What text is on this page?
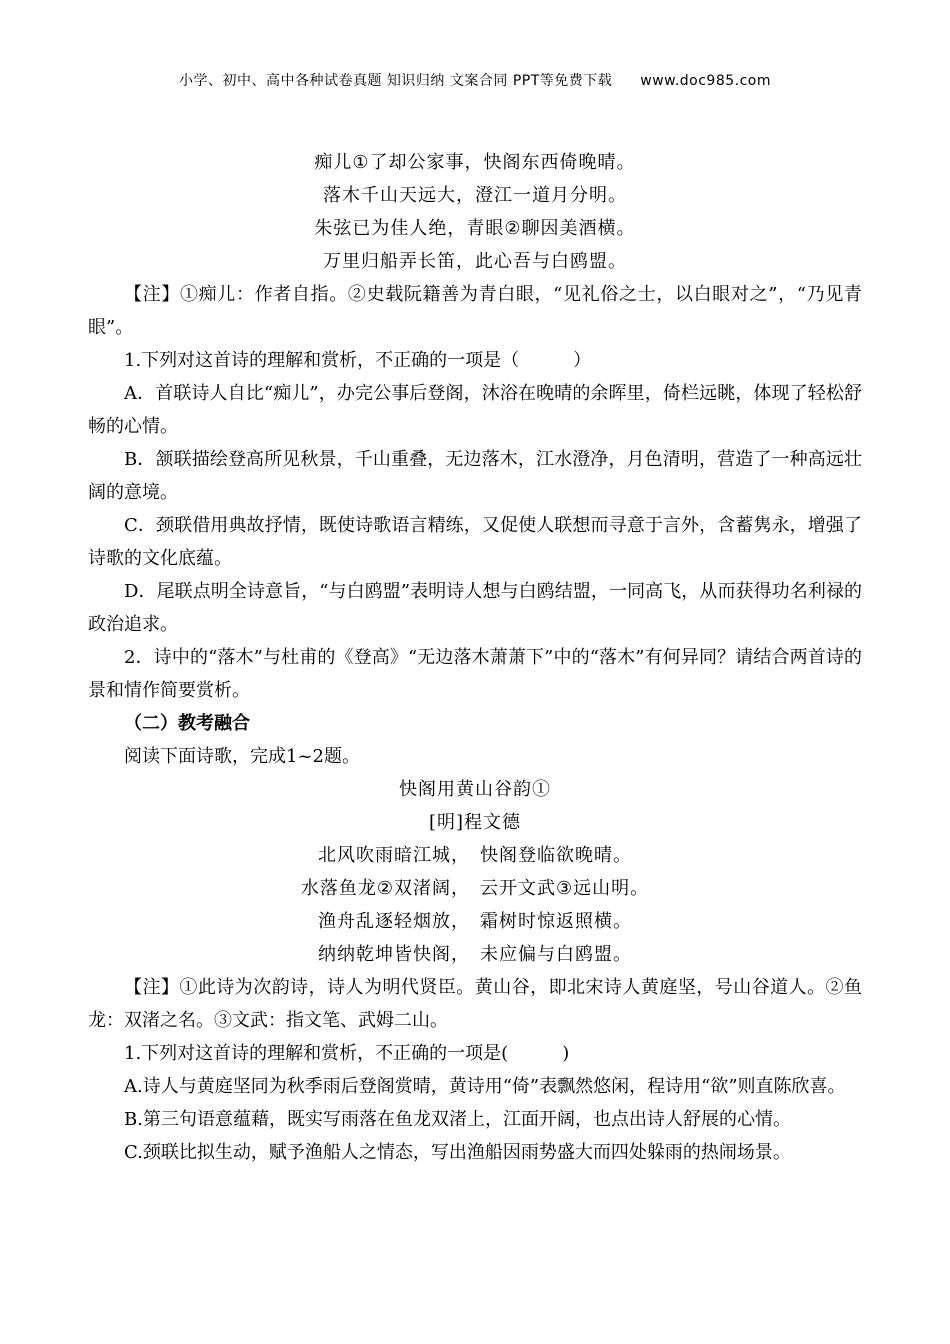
小学、初中、高中各种试卷真题 知识归纳 文案合同 PPT等免费下载 www.doc985.com
痴儿①了却公家事，快阁东西倚晚晴。
落木千山天远大，澄江一道月分明。
朱弦已为佳人绝，青眼②聊因美酒横。
万里归船弄长笛，此心吾与白鸥盟。

【注】①痴儿：作者自指。②史载阮籍善为青白眼，“见礼俗之士，以白眼对之”，“乃见青眼”。

1.下列对这首诗的理解和赏析，不正确的一项是（　　　）

A．首联诗人自比“痴儿”，办完公事后登阁，沐浴在晚晴的余晖里，倚栏远眺，体现了轻松舒畅的心情。

B．颔联描绘登高所见秋景，千山重叠，无边落木，江水澄净，月色清明，营造了一种高远壮阔的意境。

C．颈联借用典故抒情，既使诗歌语言精练，又促使人联想而寻意于言外，含蓄隽永，增强了诗歌的文化底蕴。

D．尾联点明全诗意旨，“与白鸥盟”表明诗人想与白鸥结盟，一同高飞，从而获得功名利禄的政治追求。

2．诗中的“落木”与杜甫的《登高》“无边落木萧萧下”中的“落木”有何异同？请结合两首诗的景和情作简要赏析。

（二）教考融合

阅读下面诗歌，完成1~2题。

快阁用黄山谷韵①
[明]程文德
北风吹雨暗江城，　快阁登临欲晚晴。
水落鱼龙②双渚阔，　云开文武③远山明。
渔舟乱逐轻烟放，　霜树时惊返照横。
纳纳乾坤皆快阁，　未应偏与白鸥盟。

【注】①此诗为次韵诗，诗人为明代贤臣。黄山谷，即北宋诗人黄庭坚，号山谷道人。②鱼龙：双渚之名。③文武：指文笔、武姆二山。

1.下列对这首诗的理解和赏析，不正确的一项是(　　　)

A.诗人与黄庭坚同为秋季雨后登阁赏晴，黄诗用“倚”表飘然悠闲，程诗用“欲”则直陈欣喜。

B.第三句语意蕴藉，既实写雨落在鱼龙双渚上，江面开阔，也点出诗人舒展的心情。

C.颈联比拟生动，赋予渔船人之情态，写出渔船因雨势盛大而四处躲雨的热闹场景。
